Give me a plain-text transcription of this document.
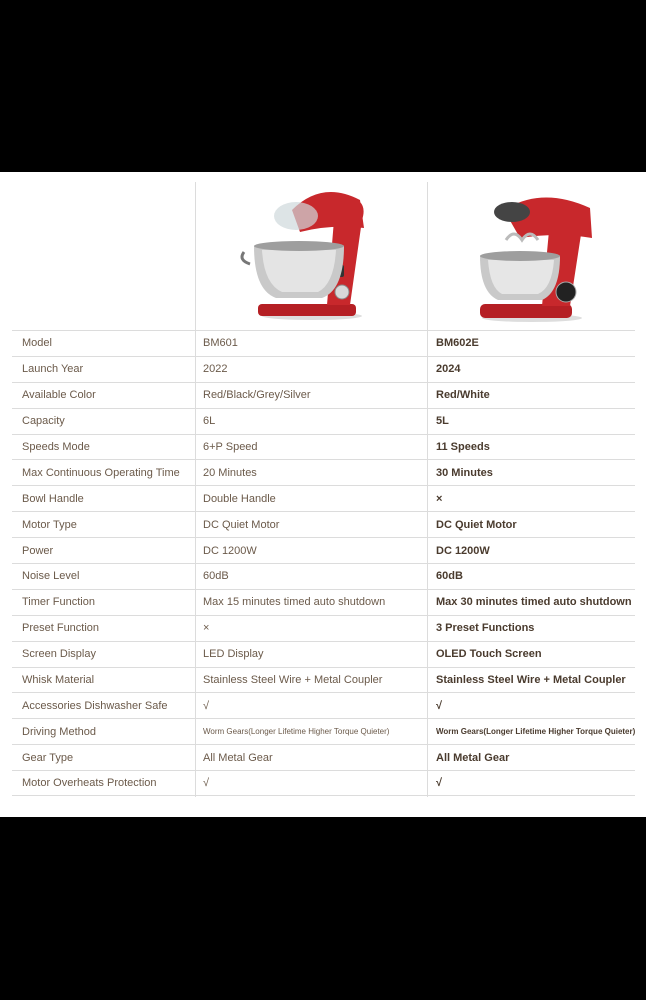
Model	BM601	BM602E
Launch Year	2022	2024
Available Color	Red/Black/Grey/Silver	Red/White
Capacity	6L	5L
Speeds Mode	6+P Speed	11 Speeds
Max Continuous Operating Time	20 Minutes	30 Minutes
Bowl Handle	Double Handle	×
Motor Type	DC Quiet Motor	DC Quiet Motor
Power	DC 1200W	DC 1200W
Noise Level	60dB	60dB
Timer Function	Max 15 minutes timed auto shutdown	Max 30 minutes timed auto shutdown
Preset Function	×	3 Preset Functions
Screen Display	LED Display	OLED Touch Screen
Whisk Material	Stainless Steel Wire + Metal Coupler	Stainless Steel Wire + Metal Coupler
Accessories Dishwasher Safe	√	√
Driving Method	Worm Gears(Longer Lifetime Higher Torque Quieter)	Worm Gears(Longer Lifetime Higher Torque Quieter)
Gear Type	All Metal Gear	All Metal Gear
Motor Overheats Protection	√	√
